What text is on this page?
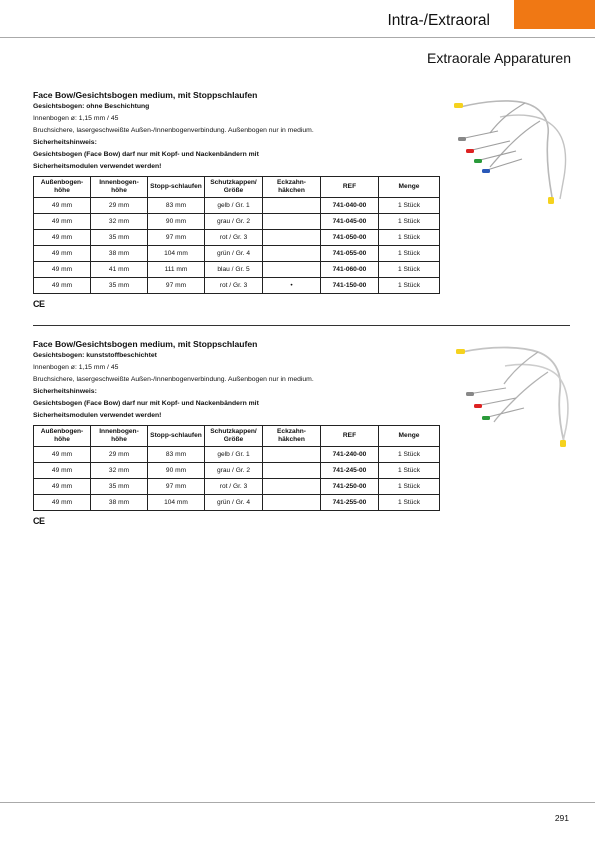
Intra-/Extraoral
Extraorale Apparaturen

Face Bow/Gesichtsbogen medium, mit Stoppschlaufen

Gesichtsbogen: ohne Beschichtung

Innenbogen ø: 1,15 mm / 45

Bruchsichere, lasergeschweißte Außen-/Innenbogenverbindung. Außenbogen nur in medium.

Sicherheitshinweis:

Gesichtsbogen (Face Bow) darf nur mit Kopf- und Nackenbändern mit

Sicherheitsmodulen verwendet werden!

Außenbogen-höhe	Innenbogen-höhe	Stopp-schlaufen	Schutzkappen/ Größe	Eckzahn-häkchen	REF	Menge
49 mm	29 mm	83 mm	gelb / Gr. 1		741-040-00	1 Stück
49 mm	32 mm	90 mm	grau / Gr. 2		741-045-00	1 Stück
49 mm	35 mm	97 mm	rot / Gr. 3		741-050-00	1 Stück
49 mm	38 mm	104 mm	grün / Gr. 4		741-055-00	1 Stück
49 mm	41 mm	111 mm	blau / Gr. 5		741-060-00	1 Stück
49 mm	35 mm	97 mm	rot / Gr. 3	•	741-150-00	1 Stück
CE

Face Bow/Gesichtsbogen medium, mit Stoppschlaufen

Gesichtsbogen: kunststoffbeschichtet

Innenbogen ø: 1,15 mm / 45

Bruchsichere, lasergeschweißte Außen-/Innenbogenverbindung. Außenbogen nur in medium.

Sicherheitshinweis:

Gesichtsbogen (Face Bow) darf nur mit Kopf- und Nackenbändern mit

Sicherheitsmodulen verwendet werden!

Außenbogen-höhe	Innenbogen-höhe	Stopp-schlaufen	Schutzkappen/ Größe	Eckzahn-häkchen	REF	Menge
49 mm	29 mm	83 mm	gelb / Gr. 1		741-240-00	1 Stück
49 mm	32 mm	90 mm	grau / Gr. 2		741-245-00	1 Stück
49 mm	35 mm	97 mm	rot / Gr. 3		741-250-00	1 Stück
49 mm	38 mm	104 mm	grün / Gr. 4		741-255-00	1 Stück
CE
291
